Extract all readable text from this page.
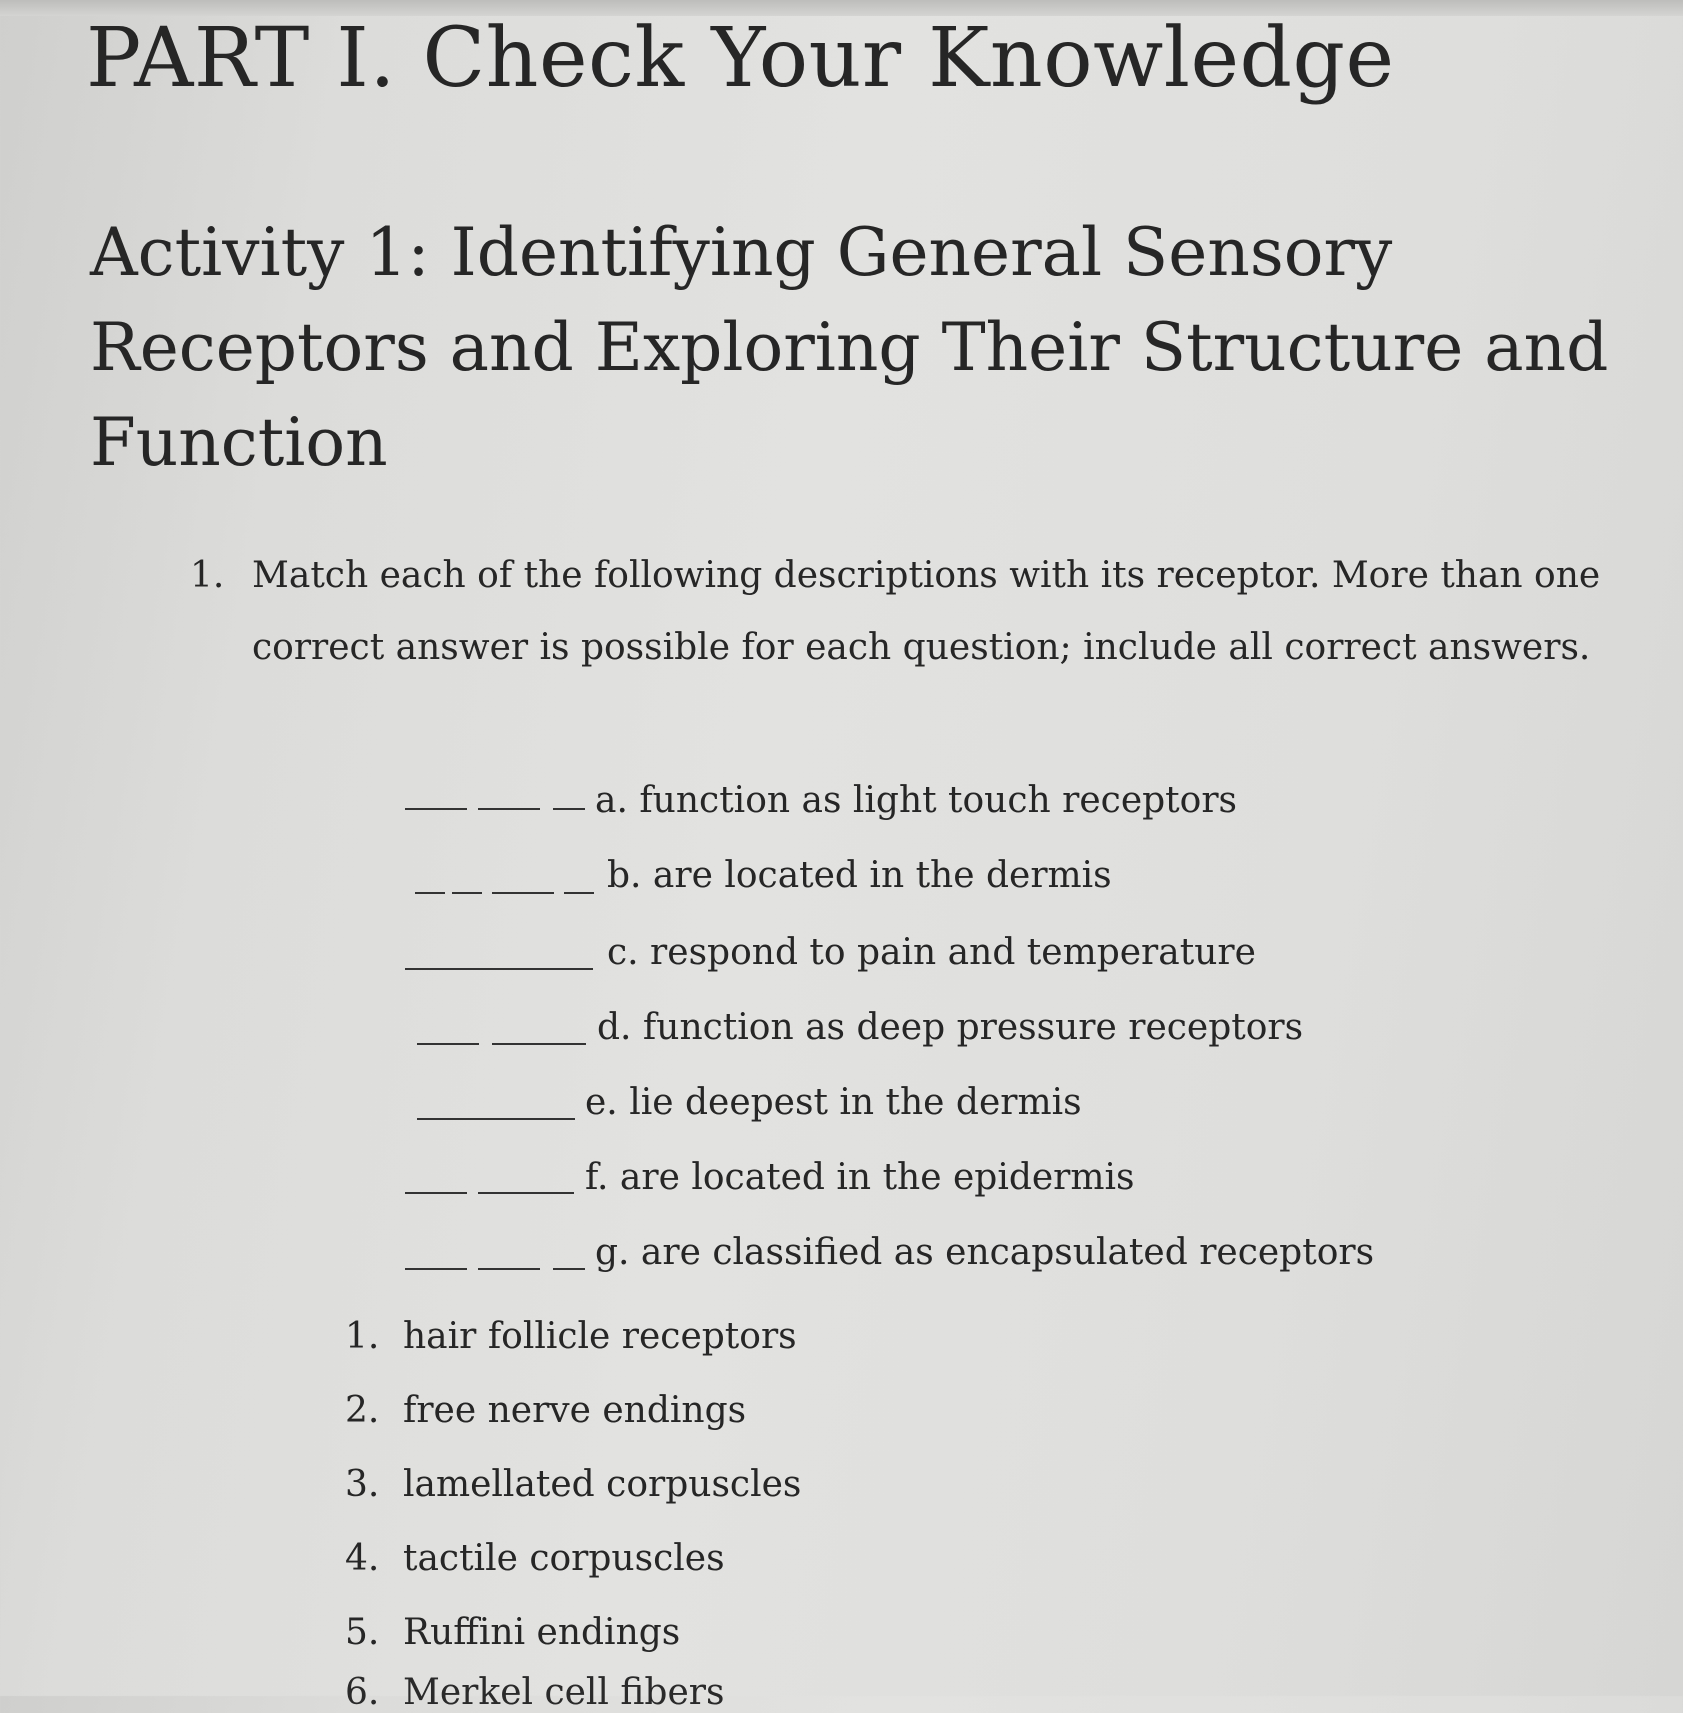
PART I. Check Your Knowledge
Activity 1: Identifying General Sensory Receptors and Exploring Their Structure and Function
1. Match each of the following descriptions with its receptor. More than one correct answer is possible for each question; include all correct answers.
a. function as light touch receptors
b. are located in the dermis
c. respond to pain and temperature
d. function as deep pressure receptors
e. lie deepest in the dermis
f. are located in the epidermis
g. are classified as encapsulated receptors
1. hair follicle receptors
2. free nerve endings
3. lamellated corpuscles
4. tactile corpuscles
5. Ruffini endings
6. Merkel cell fibers
